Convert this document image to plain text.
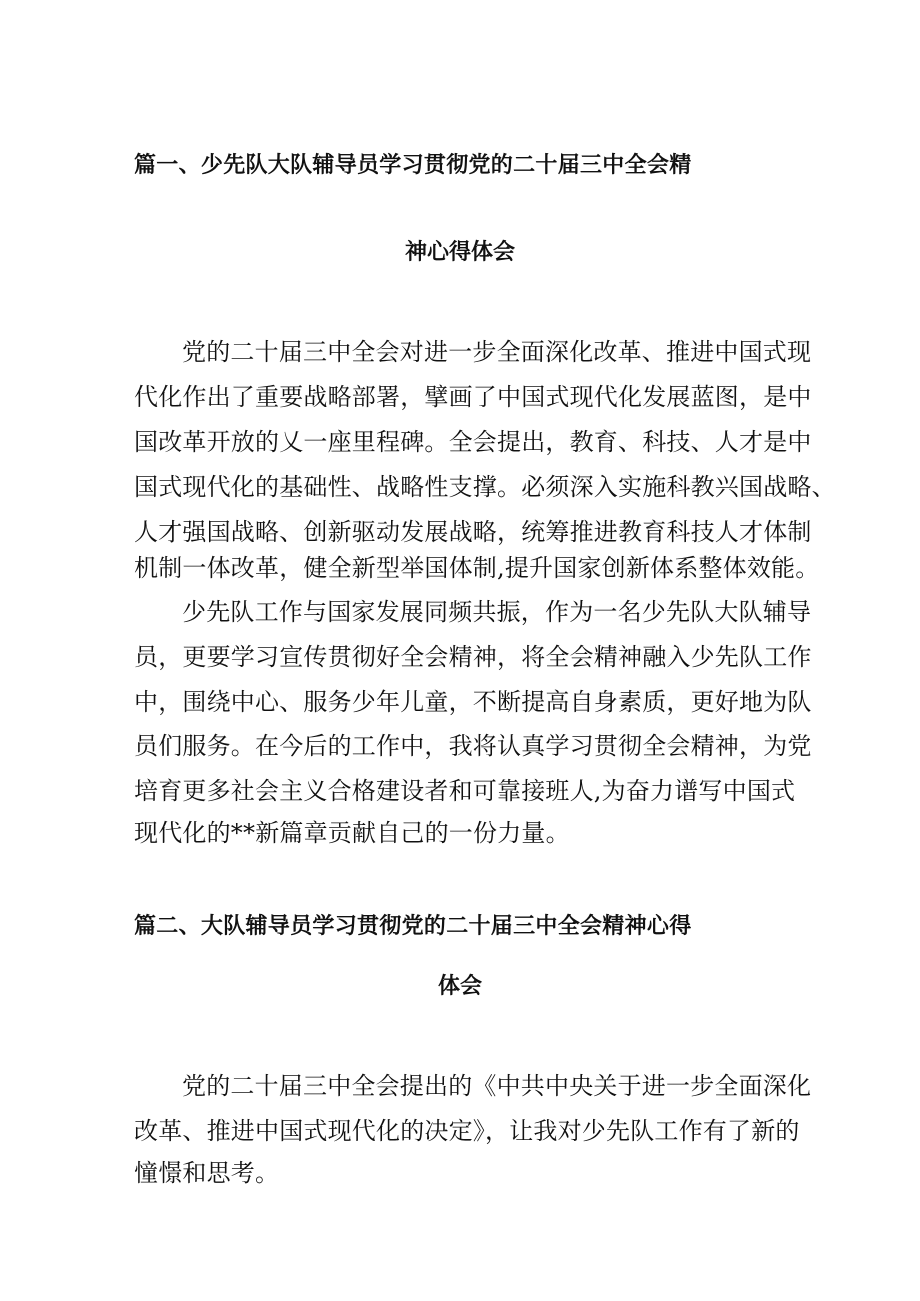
篇一、少先队大队辅导员学习贯彻党的二十届三中全会精
神心得体会
党的二十届三中全会对进一步全面深化改革、推进中国式现
代化作出了重要战略部署，擘画了中国式现代化发展蓝图，是中
国改革开放的乂一座里程碑。全会提出，教育、科技、人才是中
国式现代化的基础性、战略性支撑。必须深入实施科教兴国战略、
人才强国战略、创新驱动发展战略，统筹推进教育科技人才体制
机制一体改革，健全新型举国体制,提升国家创新体系整体效能。
少先队工作与国家发展同频共振，作为一名少先队大队辅导
员，更要学习宣传贯彻好全会精神，将全会精神融入少先队工作
中，围绕中心、服务少年儿童，不断提高自身素质，更好地为队
员们服务。在今后的工作中，我将认真学习贯彻全会精神，为党
培育更多社会主义合格建设者和可靠接班人,为奋力谱写中国式
现代化的**新篇章贡献自己的一份力量。
篇二、大队辅导员学习贯彻党的二十届三中全会精神心得
体会
党的二十届三中全会提出的《中共中央关于进一步全面深化
改革、推进中国式现代化的决定》，让我对少先队工作有了新的
憧憬和思考。
